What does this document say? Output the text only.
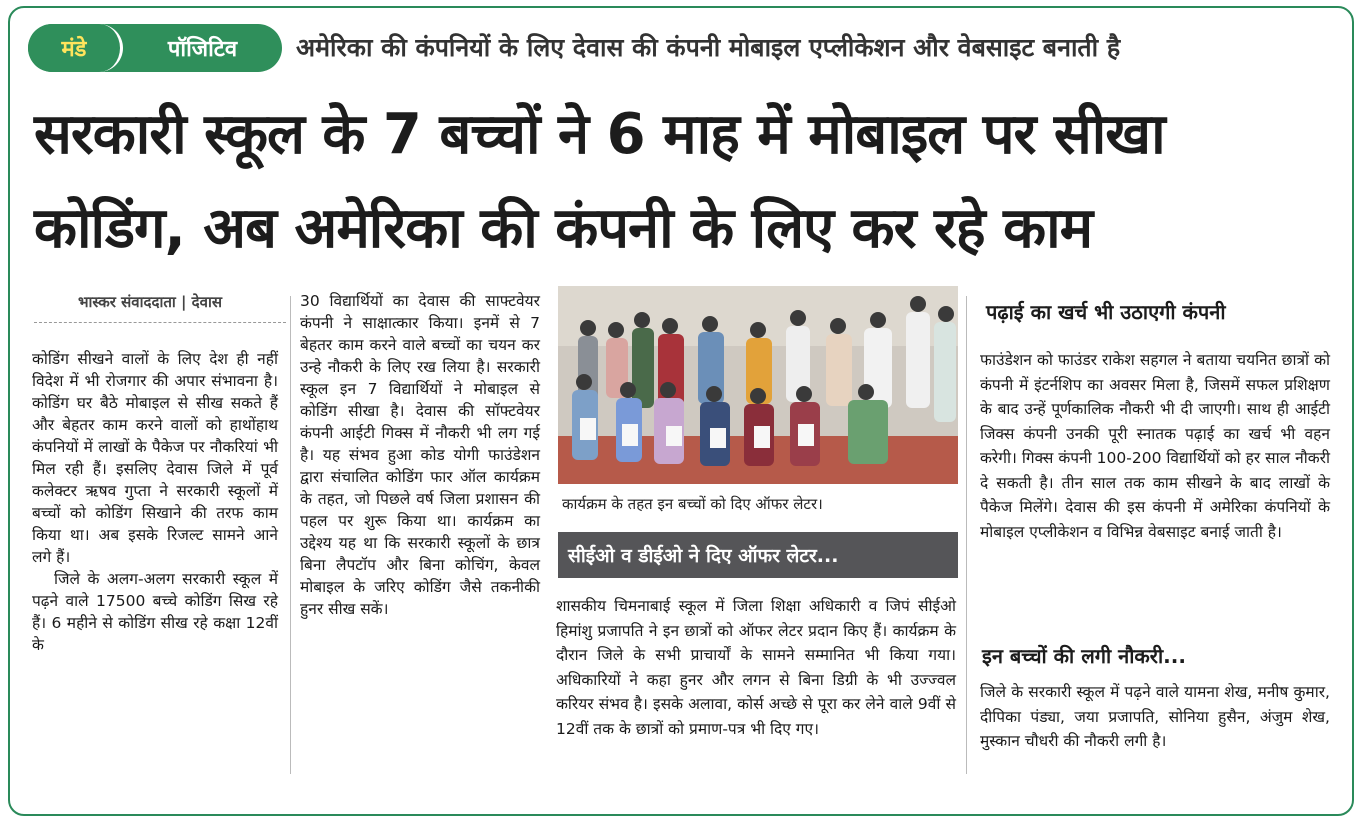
मंडे	पॉजिटिव	अमेरिका की कंपनियों के लिए देवास की कंपनी मोबाइल एप्लीकेशन और वेबसाइट बनाती है
सरकारी स्कूल के 7 बच्चों ने 6 माह में मोबाइल पर सीखा
कोडिंग, अब अमेरिका की कंपनी के लिए कर रहे काम
भास्कर संवाददाता | देवास

कोडिंग सीखने वालों के लिए देश ही नहीं विदेश में भी रोजगार की अपार संभावना है। कोडिंग घर बैठे मोबाइल से सीख सकते हैं और बेहतर काम करने वालों को हाथोंहाथ कंपनियों में लाखों के पैकेज पर नौकरियां भी मिल रही हैं। इसलिए देवास जिले में पूर्व कलेक्टर ऋषव गुप्ता ने सरकारी स्कूलों में बच्चों को कोडिंग सिखाने की तरफ काम किया था। अब इसके रिजल्ट सामने आने लगे हैं।

जिले के अलग-अलग सरकारी स्कूल में पढ़ने वाले 17500 बच्चे कोडिंग सिख रहे हैं। 6 महीने से कोडिंग सीख रहे कक्षा 12वीं के

30 विद्यार्थियों का देवास की साफ्टवेयर कंपनी ने साक्षात्कार किया। इनमें से 7 बेहतर काम करने वाले बच्चों का चयन कर उन्हे नौकरी के लिए रख लिया है। सरकारी स्कूल इन 7 विद्यार्थियों ने मोबाइल से कोडिंग सीखा है। देवास की सॉफ्टवेयर कंपनी आईटी गिक्स में नौकरी भी लग गई है। यह संभव हुआ कोड योगी फाउंडेशन द्वारा संचालित कोडिंग फार ऑल कार्यक्रम के तहत, जो पिछले वर्ष जिला प्रशासन की पहल पर शुरू किया था। कार्यक्रम का उद्देश्य यह था कि सरकारी स्कूलों के छात्र बिना लैपटॉप और बिना कोचिंग, केवल मोबाइल के जरिए कोडिंग जैसे तकनीकी हुनर सीख सकें।

कार्यक्रम के तहत इन बच्चों को दिए ऑफर लेटर।
सीईओ व डीईओ ने दिए ऑफर लेटर...

शासकीय चिमनाबाई स्कूल में जिला शिक्षा अधिकारी व जिपं सीईओ हिमांशु प्रजापति ने इन छात्रों को ऑफर लेटर प्रदान किए हैं। कार्यक्रम के दौरान जिले के सभी प्राचार्यों के सामने सम्मानित भी किया गया। अधिकारियों ने कहा हुनर और लगन से बिना डिग्री के भी उज्ज्वल करियर संभव है। इसके अलावा, कोर्स अच्छे से पूरा कर लेने वाले 9वीं से 12वीं तक के छात्रों को प्रमाण-पत्र भी दिए गए।

पढ़ाई का खर्च भी उठाएगी कंपनी

फाउंडेशन को फाउंडर राकेश सहगल ने बताया चयनित छात्रों को कंपनी में इंटर्नशिप का अवसर मिला है, जिसमें सफल प्रशिक्षण के बाद उन्हें पूर्णकालिक नौकरी भी दी जाएगी। साथ ही आईटी जिक्स कंपनी उनकी पूरी स्नातक पढ़ाई का खर्च भी वहन करेगी। गिक्स कंपनी 100-200 विद्यार्थियों को हर साल नौकरी दे सकती है। तीन साल तक काम सीखने के बाद लाखों के पैकेज मिलेंगे। देवास की इस कंपनी में अमेरिका कंपनियों के मोबाइल एप्लीकेशन व विभिन्न वेबसाइट बनाई जाती है।

इन बच्चों की लगी नौकरी...

जिले के सरकारी स्कूल में पढ़ने वाले यामना शेख, मनीष कुमार, दीपिका पंड्या, जया प्रजापति, सोनिया हुसैन, अंजुम शेख, मुस्कान चौधरी की नौकरी लगी है।
